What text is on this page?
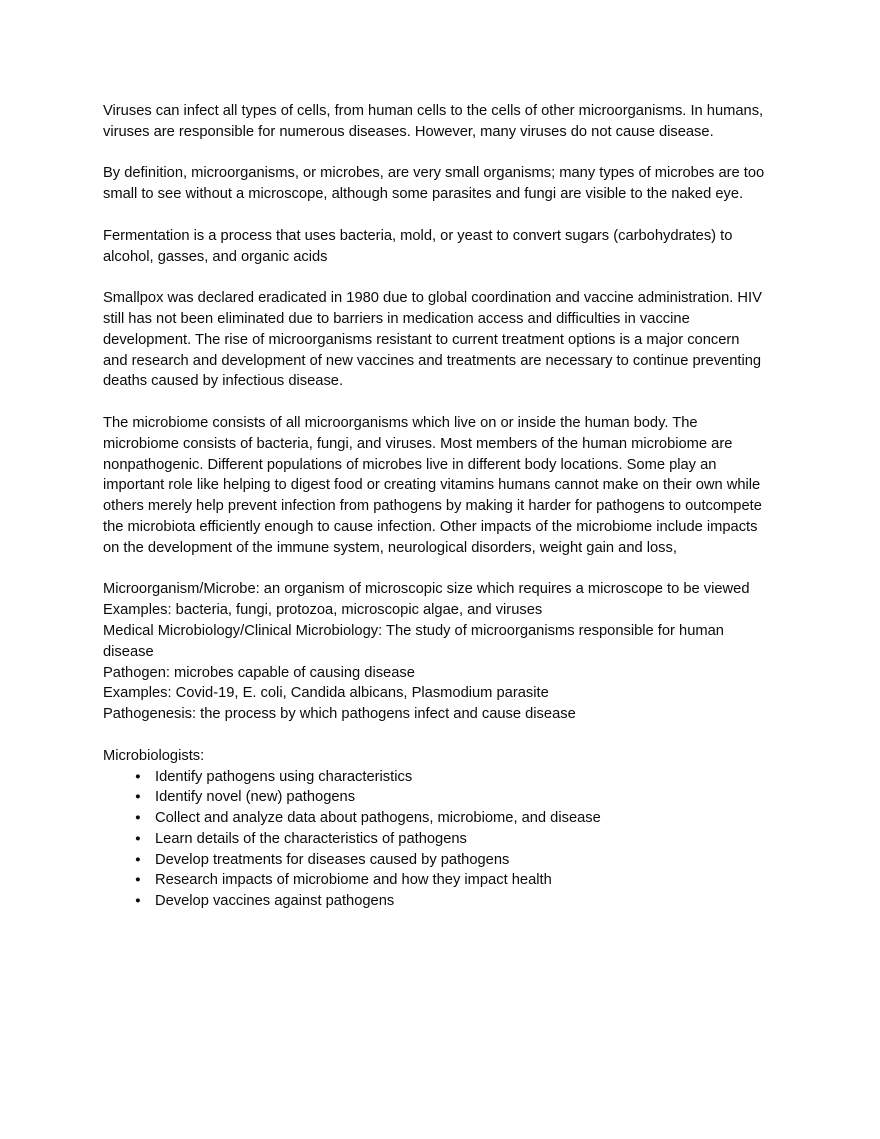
Viruses can infect all types of cells, from human cells to the cells of other microorganisms. In humans, viruses are responsible for numerous diseases. However, many viruses do not cause disease.

By definition, microorganisms, or microbes, are very small organisms; many types of microbes are too small to see without a microscope, although some parasites and fungi are visible to the naked eye.

Fermentation is a process that uses bacteria, mold, or yeast to convert sugars (carbohydrates) to alcohol, gasses, and organic acids

Smallpox was declared eradicated in 1980 due to global coordination and vaccine administration. HIV still has not been eliminated due to barriers in medication access and difficulties in vaccine development. The rise of microorganisms resistant to current treatment options is a major concern and research and development of new vaccines and treatments are necessary to continue preventing deaths caused by infectious disease.

The microbiome consists of all microorganisms which live on or inside the human body. The microbiome consists of bacteria, fungi, and viruses. Most members of the human microbiome are nonpathogenic. Different populations of microbes live in different body locations. Some play an important role like helping to digest food or creating vitamins humans cannot make on their own while others merely help prevent infection from pathogens by making it harder for pathogens to outcompete the microbiota efficiently enough to cause infection. Other impacts of the microbiome include impacts on the development of the immune system, neurological disorders, weight gain and loss,

Microorganism/Microbe: an organism of microscopic size which requires a microscope to be viewed
Examples: bacteria, fungi, protozoa, microscopic algae, and viruses
Medical Microbiology/Clinical Microbiology: The study of microorganisms responsible for human disease
Pathogen: microbes capable of causing disease
Examples: Covid-19, E. coli, Candida albicans, Plasmodium parasite
Pathogenesis: the process by which pathogens infect and cause disease

Microbiologists:

● Identify pathogens using characteristics
● Identify novel (new) pathogens
● Collect and analyze data about pathogens, microbiome, and disease
● Learn details of the characteristics of pathogens
● Develop treatments for diseases caused by pathogens
● Research impacts of microbiome and how they impact health
● Develop vaccines against pathogens
